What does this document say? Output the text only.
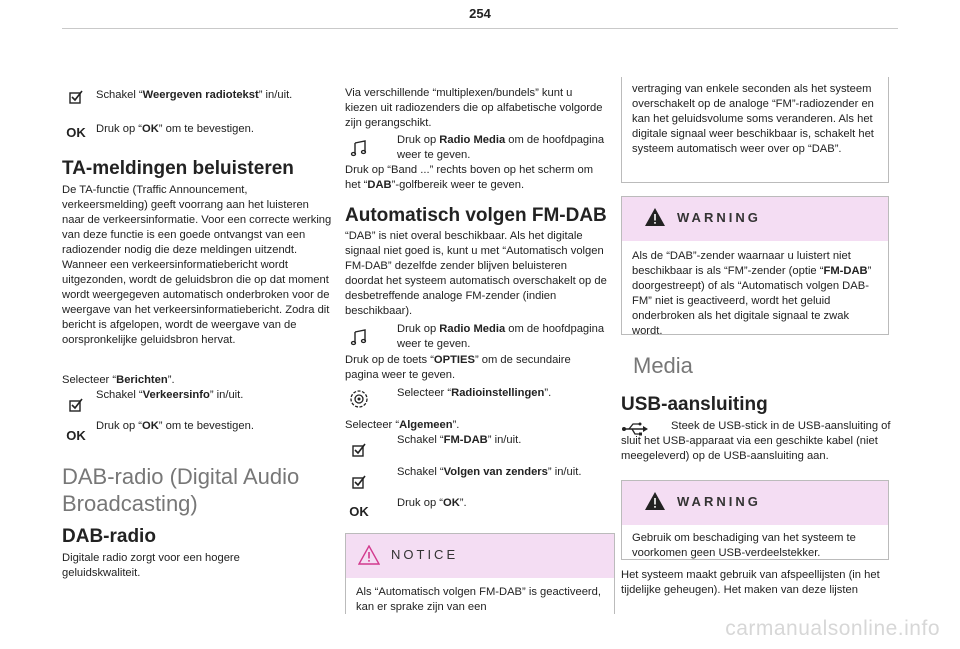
254
Schakel “Weergeven radiotekst” in/uit.
OK Druk op “OK” om te bevestigen.
TA-meldingen beluisteren

De TA-functie (Traffic Announcement, verkeersmelding) geeft voorrang aan het luisteren naar de verkeersinformatie. Voor een correcte werking van deze functie is een goede ontvangst van een radiozender nodig die deze meldingen uitzendt. Wanneer een verkeersinformatiebericht wordt uitgezonden, wordt de geluidsbron die op dat moment wordt weergegeven automatisch onderbroken voor de weergave van het verkeersinformatiebericht. Zodra dit bericht is afgelopen, wordt de weergave van de oorspronkelijke geluidsbron hervat.

Selecteer “Berichten”.

Schakel “Verkeersinfo” in/uit.
OK
Druk op “OK” om te bevestigen.
DAB-radio (Digital Audio Broadcasting)
DAB-radio

Digitale radio zorgt voor een hogere geluidskwaliteit.

Via verschillende “multiplexen/bundels” kunt u kiezen uit radiozenders die op alfabetische volgorde zijn gerangschikt.

Druk op Radio Media om de hoofdpagina weer te geven.

Druk op “Band ...” rechts boven op het scherm om het “DAB”-golfbereik weer te geven.

Automatisch volgen FM-DAB

“DAB” is niet overal beschikbaar. Als het digitale signaal niet goed is, kunt u met “Automatisch volgen FM-DAB” dezelfde zender blijven beluisteren doordat het systeem automatisch overschakelt op de desbetreffende analoge FM-zender (indien beschikbaar).

Druk op Radio Media om de hoofdpagina weer te geven.

Druk op de toets “OPTIES” om de secundaire pagina weer te geven.

Selecteer “Radioinstellingen”.

Selecteer “Algemeen”.

Schakel “FM-DAB” in/uit.
Schakel “Volgen van zenders” in/uit.
OK
Druk op “OK”.
NOTICE
Als “Automatisch volgen FM-DAB” is geactiveerd, kan er sprake zijn van een
vertraging van enkele seconden als het systeem overschakelt op de analoge “FM”-radiozender en kan het geluidsvolume soms veranderen. Als het digitale signaal weer beschikbaar is, schakelt het systeem automatisch weer over op “DAB”.
WARNING
Als de “DAB”-zender waarnaar u luistert niet beschikbaar is als “FM”-zender (optie “FM-DAB” doorgestreept) of als “Automatisch volgen DAB-FM” niet is geactiveerd, wordt het geluid onderbroken als het digitale signaal te zwak wordt.
Media
USB-aansluiting
Steek de USB-stick in de USB-aansluiting of sluit het USB-apparaat via een geschikte kabel (niet meegeleverd) op de USB-aansluiting aan.
WARNING
Gebruik om beschadiging van het systeem te voorkomen geen USB-verdeelstekker.

Het systeem maakt gebruik van afspeellijsten (in het tijdelijke geheugen). Het maken van deze lijsten

carmanualsonline.info
